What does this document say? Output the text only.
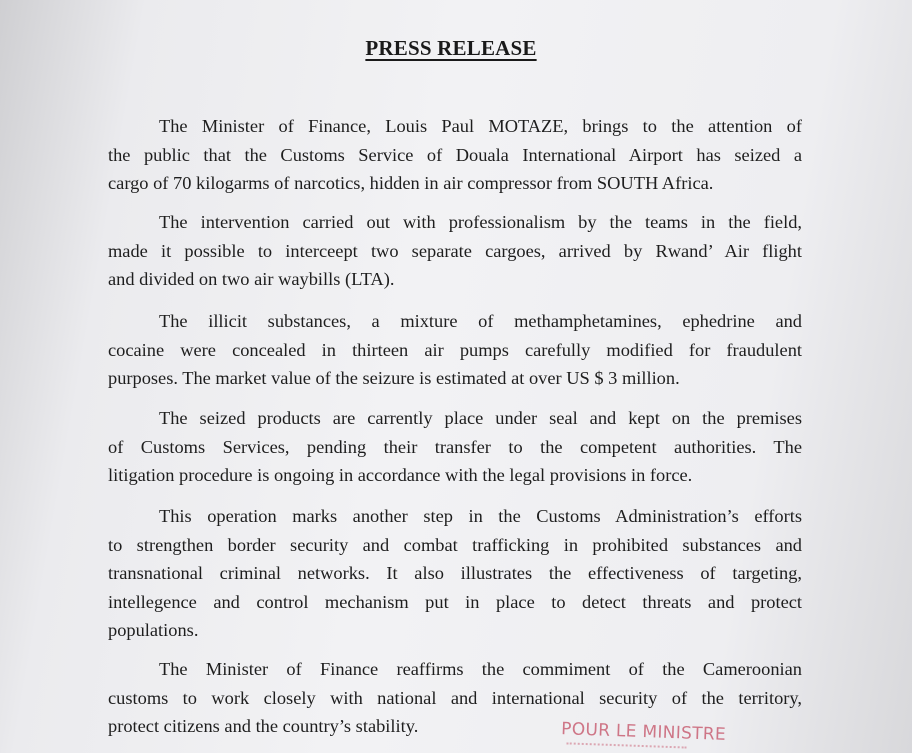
PRESS RELEASE
The Minister of Finance, Louis Paul MOTAZE, brings to the attention of
the public that the Customs Service of Douala International Airport has seized a
cargo of 70 kilogarms of narcotics, hidden in air compressor from SOUTH Africa.
The intervention carried out with professionalism by the teams in the field,
made it possible to interceept two separate cargoes, arrived by Rwand’ Air flight
and divided on two air waybills (LTA).
The illicit substances, a mixture of methamphetamines, ephedrine and
cocaine were concealed in thirteen air pumps carefully modified for fraudulent
purposes. The market value of the seizure is estimated at over US $ 3 million.
The seized products are carrently place under seal and kept on the premises
of Customs Services, pending their transfer to the competent authorities. The
litigation procedure is ongoing in accordance with the legal provisions in force.
This operation marks another step in the Customs Administration’s efforts
to strengthen border security and combat trafficking in prohibited substances and
transnational criminal networks. It also illustrates the effectiveness of targeting,
intellegence and control mechanism put in place to detect threats and protect
populations.
The Minister of Finance reaffirms the commiment of the Cameroonian
customs to work closely with national and international security of the territory,
protect citizens and the country’s stability.	POUR LE MINISTRE
